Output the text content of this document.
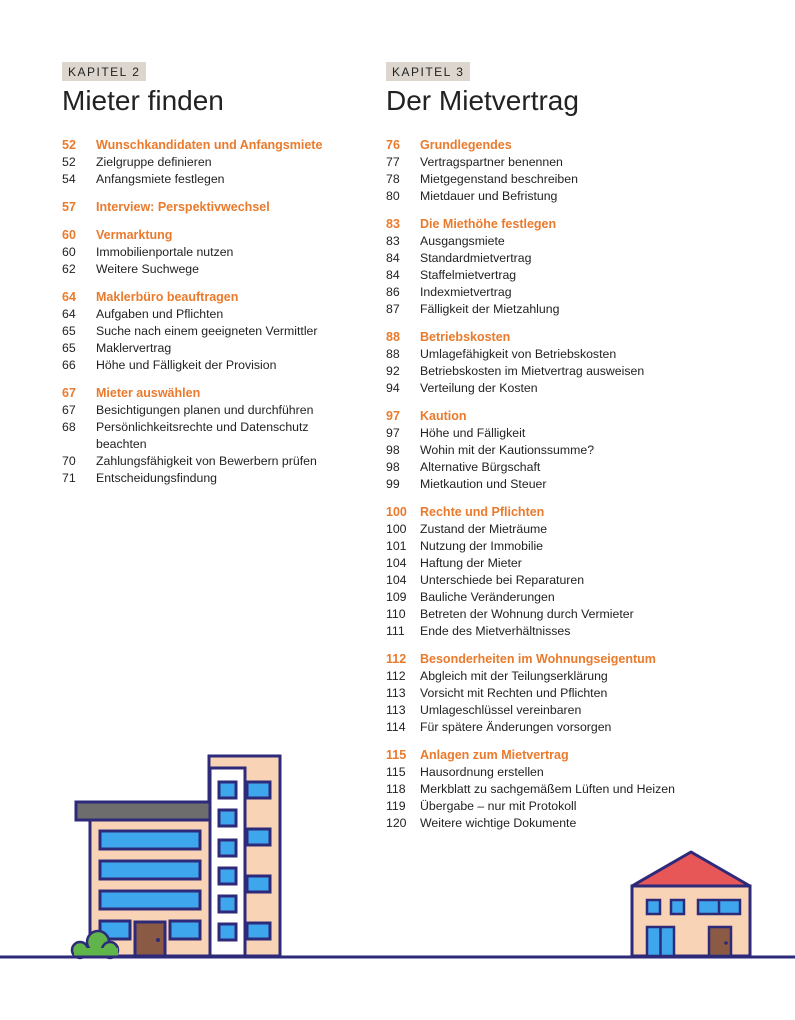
KAPITEL 2
Mieter finden
52	Wunschkandidaten und Anfangsmiete
52	Zielgruppe definieren
54	Anfangsmiete festlegen
57	Interview: Perspektivwechsel
60	Vermarktung
60	Immobilienportale nutzen
62	Weitere Suchwege
64	Maklerbüro beauftragen
64	Aufgaben und Pflichten
65	Suche nach einem geeigneten Vermittler
65	Maklervertrag
66	Höhe und Fälligkeit der Provision
67	Mieter auswählen
67	Besichtigungen planen und durchführen
68	Persönlichkeitsrechte und Datenschutz beachten
70	Zahlungsfähigkeit von Bewerbern prüfen
71	Entscheidungsfindung
KAPITEL 3
Der Mietvertrag
76	Grundlegendes
77	Vertragspartner benennen
78	Mietgegenstand beschreiben
80	Mietdauer und Befristung
83	Die Miethöhe festlegen
83	Ausgangsmiete
84	Standardmietvertrag
84	Staffelmietvertrag
86	Indexmietvertrag
87	Fälligkeit der Mietzahlung
88	Betriebskosten
88	Umlagefähigkeit von Betriebskosten
92	Betriebskosten im Mietvertrag ausweisen
94	Verteilung der Kosten
97	Kaution
97	Höhe und Fälligkeit
98	Wohin mit der Kautionssumme?
98	Alternative Bürgschaft
99	Mietkaution und Steuer
100	Rechte und Pflichten
100	Zustand der Mieträume
101	Nutzung der Immobilie
104	Haftung der Mieter
104	Unterschiede bei Reparaturen
109	Bauliche Veränderungen
110	Betreten der Wohnung durch Vermieter
111	Ende des Mietverhältnisses
112	Besonderheiten im Wohnungseigentum
112	Abgleich mit der Teilungserklärung
113	Vorsicht mit Rechten und Pflichten
113	Umlageschlüssel vereinbaren
114	Für spätere Änderungen vorsorgen
115	Anlagen zum Mietvertrag
115	Hausordnung erstellen
118	Merkblatt zu sachgemäßem Lüften und Heizen
119	Übergabe – nur mit Protokoll
120	Weitere wichtige Dokumente
